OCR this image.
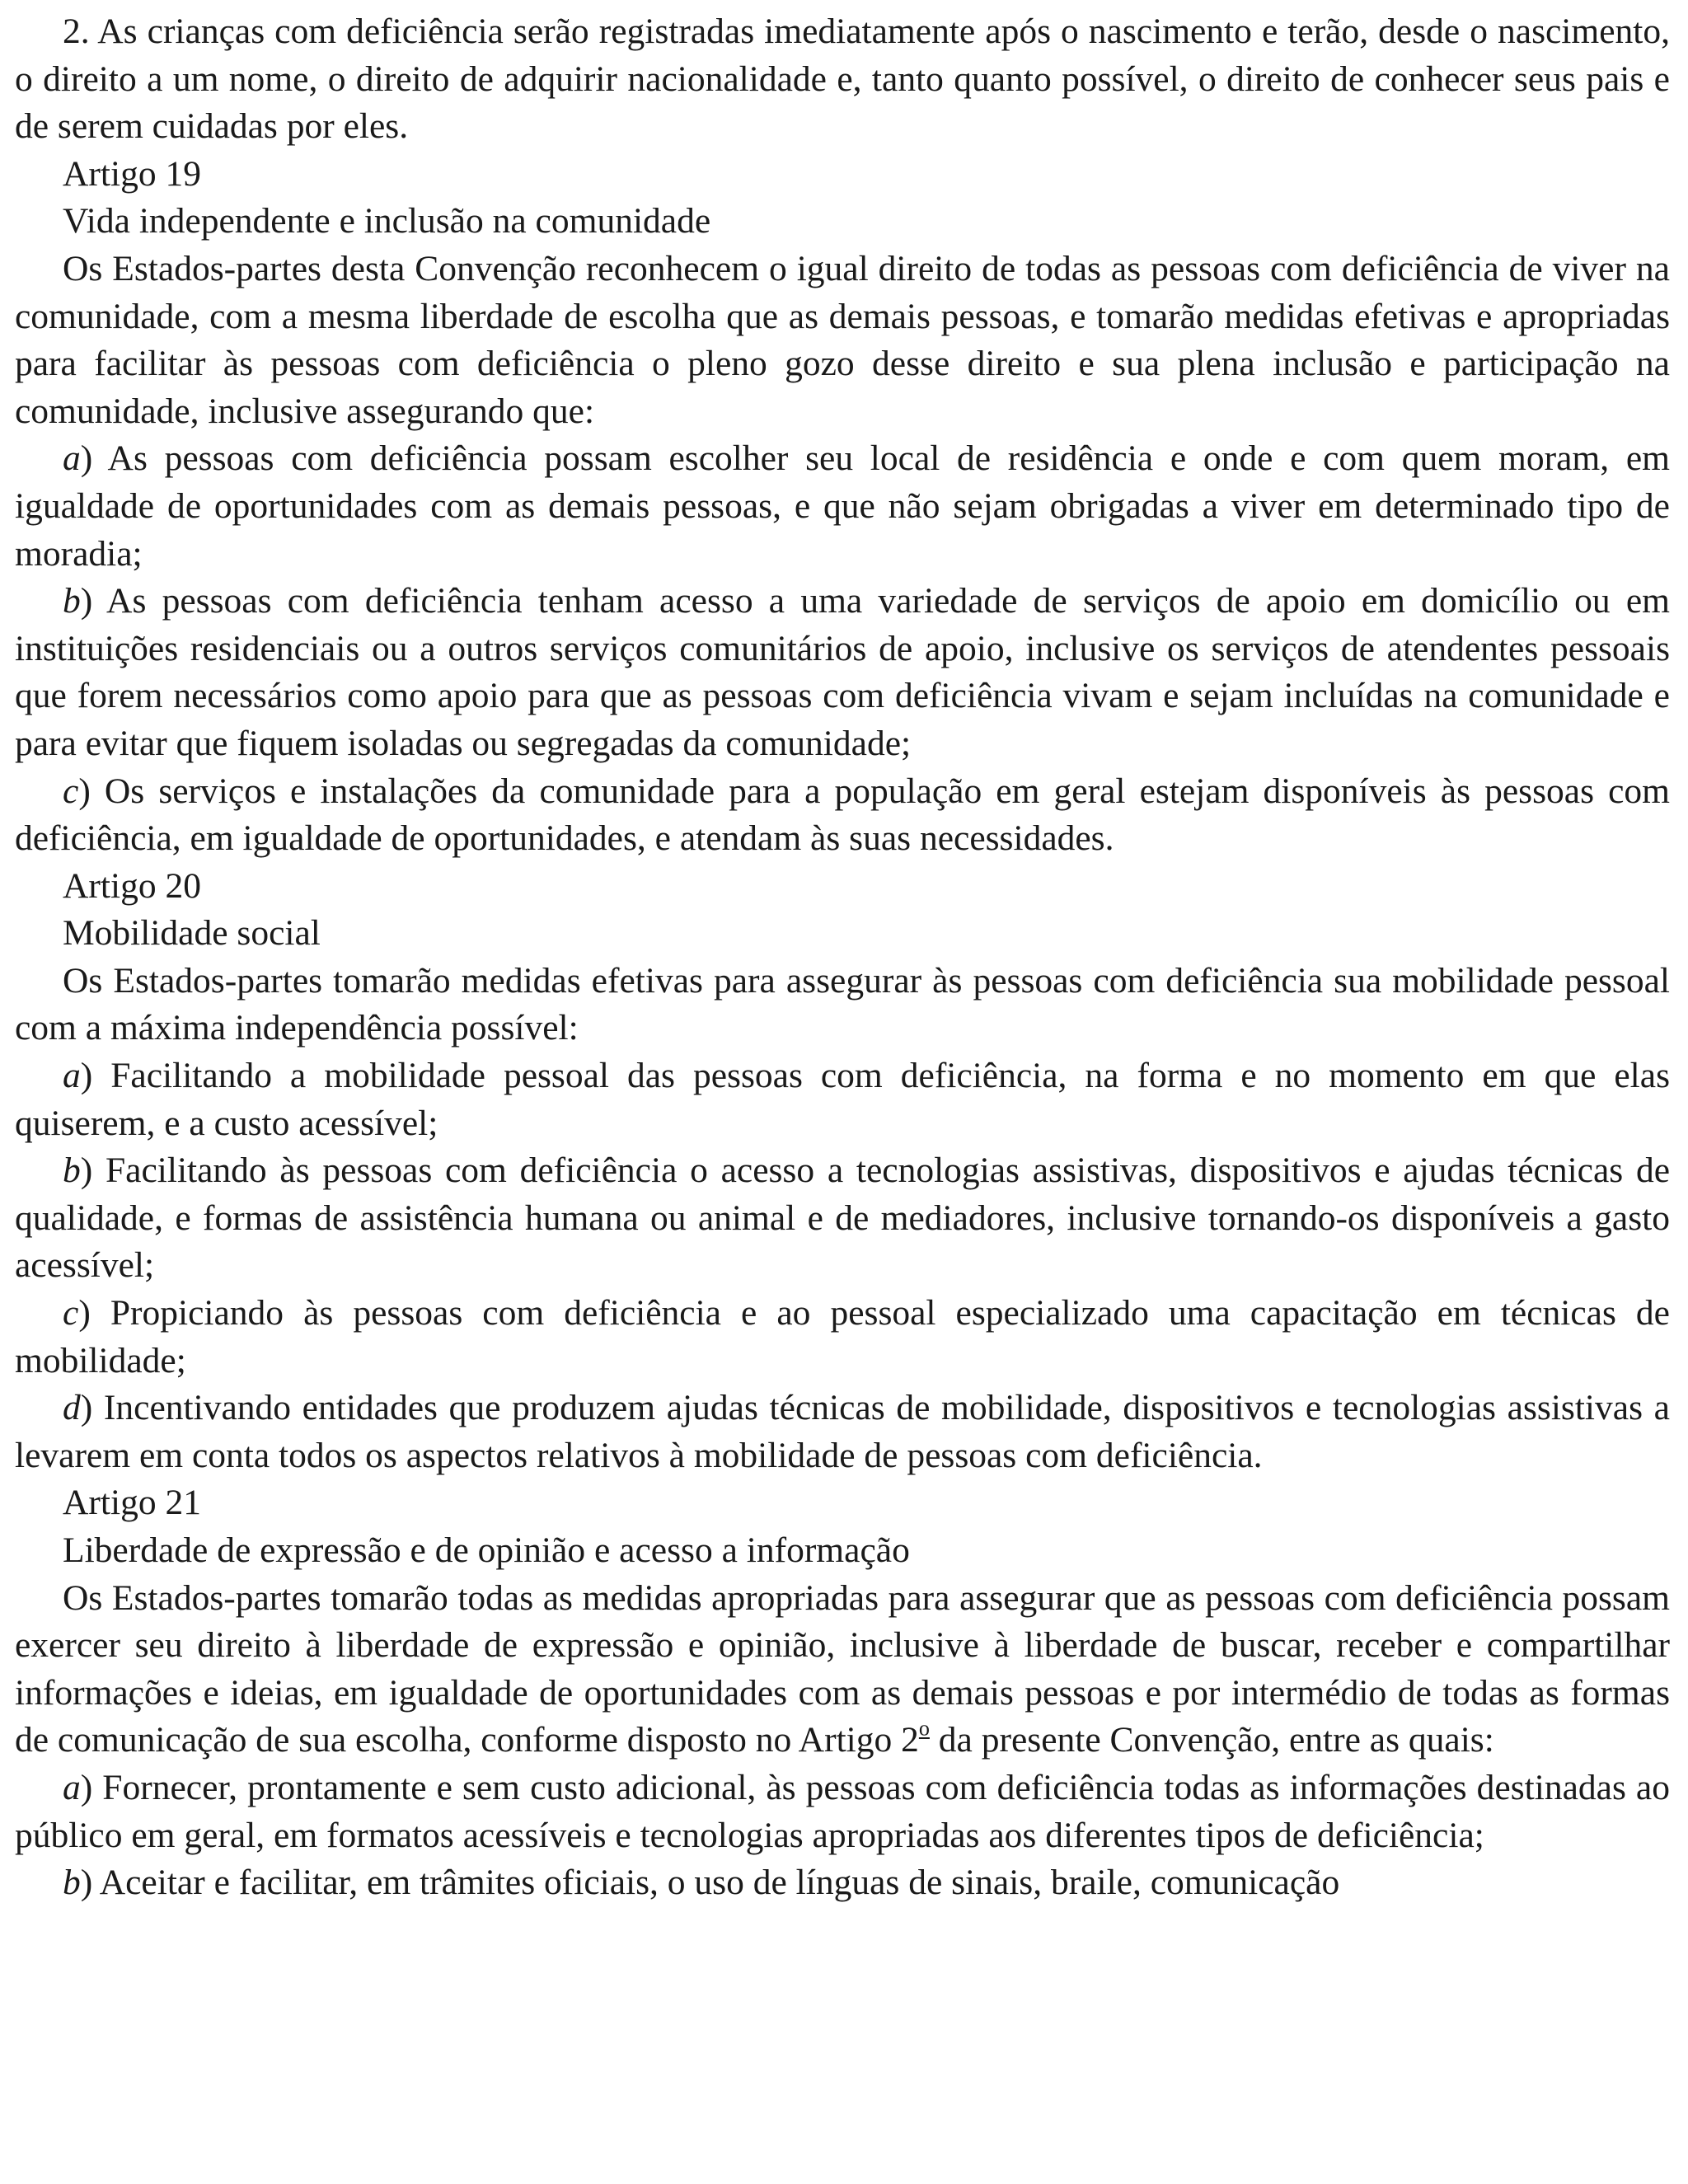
2. As crianças com deficiência serão registradas imediatamente após o nascimento e terão, desde o nascimento, o direito a um nome, o direito de adquirir nacionalidade e, tanto quanto possível, o direito de conhecer seus pais e de serem cuidadas por eles.

Artigo 19

Vida independente e inclusão na comunidade

Os Estados-partes desta Convenção reconhecem o igual direito de todas as pessoas com deficiência de viver na comunidade, com a mesma liberdade de escolha que as demais pessoas, e tomarão medidas efetivas e apropriadas para facilitar às pessoas com deficiência o pleno gozo desse direito e sua plena inclusão e participação na comunidade, inclusive assegurando que:

a) As pessoas com deficiência possam escolher seu local de residência e onde e com quem moram, em igualdade de oportunidades com as demais pessoas, e que não sejam obrigadas a viver em determinado tipo de moradia;

b) As pessoas com deficiência tenham acesso a uma variedade de serviços de apoio em domicílio ou em instituições residenciais ou a outros serviços comunitários de apoio, inclusive os serviços de atendentes pessoais que forem necessários como apoio para que as pessoas com deficiência vivam e sejam incluídas na comunidade e para evitar que fiquem isoladas ou segregadas da comunidade;

c) Os serviços e instalações da comunidade para a população em geral estejam disponíveis às pessoas com deficiência, em igualdade de oportunidades, e atendam às suas necessidades.

Artigo 20

Mobilidade social

Os Estados-partes tomarão medidas efetivas para assegurar às pessoas com deficiência sua mobilidade pessoal com a máxima independência possível:

a) Facilitando a mobilidade pessoal das pessoas com deficiência, na forma e no momento em que elas quiserem, e a custo acessível;

b) Facilitando às pessoas com deficiência o acesso a tecnologias assistivas, dispositivos e ajudas técnicas de qualidade, e formas de assistência humana ou animal e de mediadores, inclusive tornando-os disponíveis a gasto acessível;

c) Propiciando às pessoas com deficiência e ao pessoal especializado uma capacitação em técnicas de mobilidade;

d) Incentivando entidades que produzem ajudas técnicas de mobilidade, dispositivos e tecnologias assistivas a levarem em conta todos os aspectos relativos à mobilidade de pessoas com deficiência.

Artigo 21

Liberdade de expressão e de opinião e acesso a informação

Os Estados-partes tomarão todas as medidas apropriadas para assegurar que as pessoas com deficiência possam exercer seu direito à liberdade de expressão e opinião, inclusive à liberdade de buscar, receber e compartilhar informações e ideias, em igualdade de oportunidades com as demais pessoas e por intermédio de todas as formas de comunicação de sua escolha, conforme disposto no Artigo 2$^o$ da presente Convenção, entre as quais:

a) Fornecer, prontamente e sem custo adicional, às pessoas com deficiência todas as informações destinadas ao público em geral, em formatos acessíveis e tecnologias apropriadas aos diferentes tipos de deficiência;

b) Aceitar e facilitar, em trâmites oficiais, o uso de línguas de sinais, braile, comunicação
